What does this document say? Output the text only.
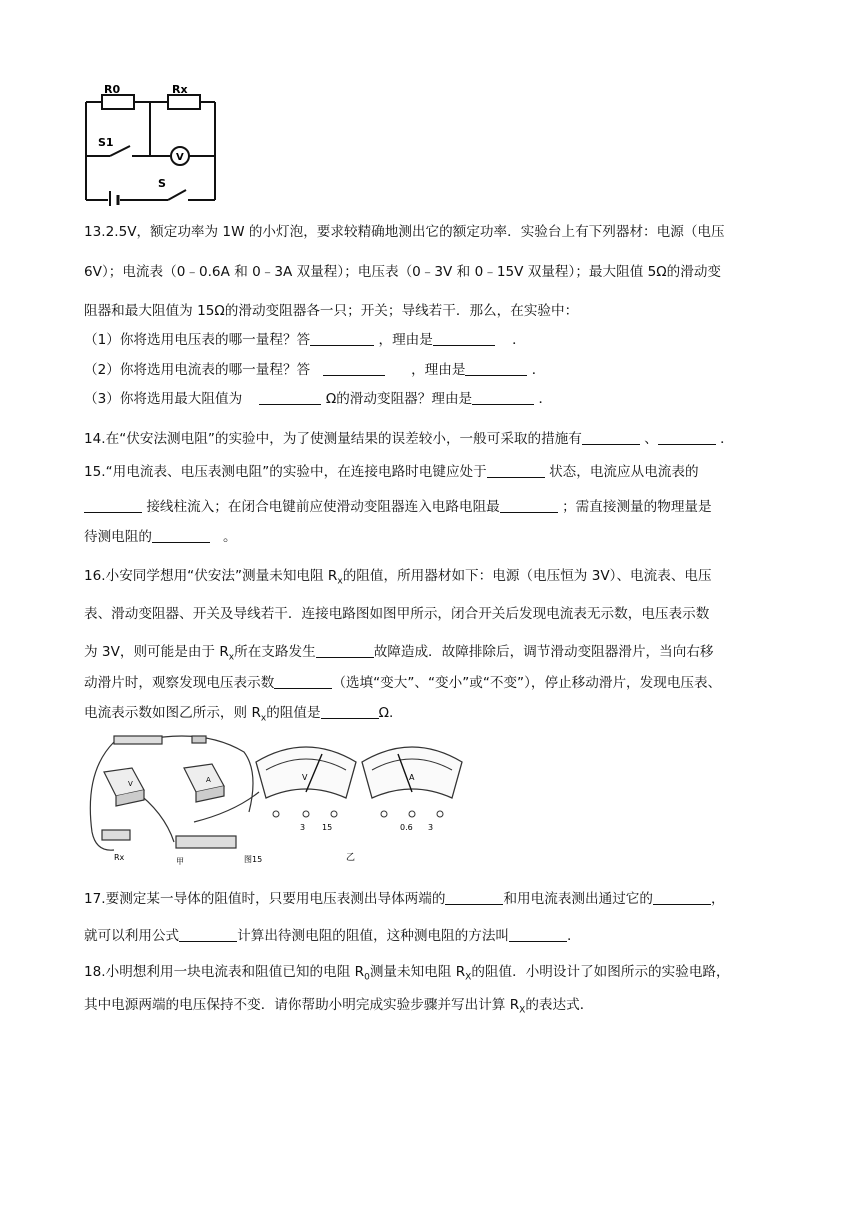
R0	Rx
S1
S
V
13.2.5V，额定功率为 1W 的小灯泡，要求较精确地测出它的额定功率．实验台上有下列器材：电源（电压
6V）；电流表（0﹣0.6A 和 0﹣3A 双量程）；电压表（0﹣3V 和 0﹣15V 双量程）；最大阻值 5Ω的滑动变
阻器和最大阻值为 15Ω的滑动变阻器各一只；开关；导线若干．那么，在实验中：
（1）你将选用电压表的哪一量程？答	，理由是	．
（2）你将选用电流表的哪一量程？答	，理由是	．
（3）你将选用最大阻值为	Ω的滑动变阻器？理由是	．
14.在“伏安法测电阻”的实验中，为了使测量结果的误差较小，一般可采取的措施有	、	．
15.“用电流表、电压表测电阻”的实验中，在连接电路时电键应处于	状态，电流应从电流表的
接线柱流入；在闭合电键前应使滑动变阻器连入电路电阻最	；需直接测量的物理量是
待测电阻的	。
16.小安同学想用“伏安法”测量未知电阻 $R_x$的阻值，所用器材如下：电源（电压恒为 3V）、电流表、电压
表、滑动变阻器、开关及导线若干．连接电路图如图甲所示，闭合开关后发现电流表无示数，电压表示数
为 3V，则可能是由于 $R_x$所在支路发生	故障造成．故障排除后，调节滑动变阻器滑片，当向右移
动滑片时，观察发现电压表示数	（选填“变大”、“变小”或“不变”），停止移动滑片，发现电压表、
电流表示数如图乙所示，则 $R_x$的阻值是	Ω.
V	A
Rx	甲	图15
V
3 15
A
0.6 3
乙
17.要测定某一导体的阻值时，只要用电压表测出导体两端的	和用电流表测出通过它的	，
就可以利用公式	计算出待测电阻的阻值，这种测电阻的方法叫	.
18.小明想利用一块电流表和阻值已知的电阻 $R_0$测量未知电阻 $R_X$的阻值．小明设计了如图所示的实验电路，
其中电源两端的电压保持不变．请你帮助小明完成实验步骤并写出计算 $R_X$的表达式．
